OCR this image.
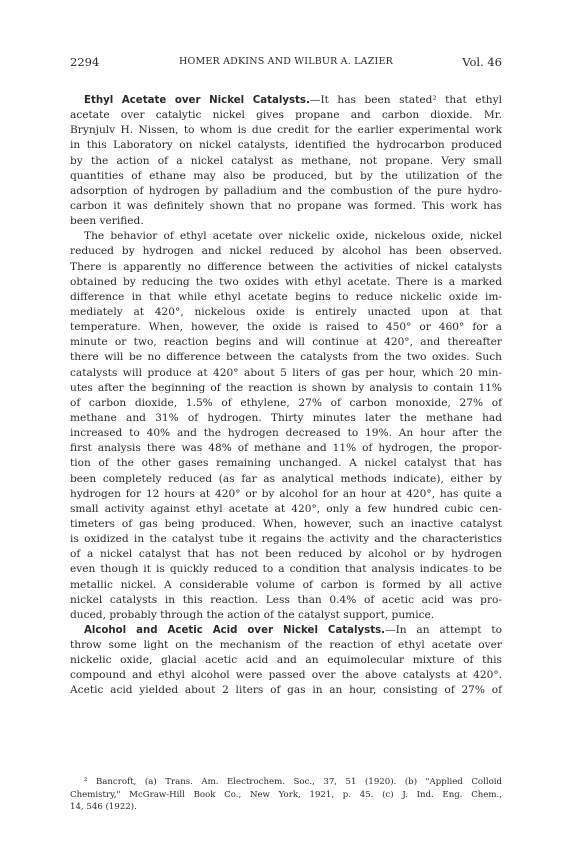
2294	HOMER ADKINS AND WILBUR A. LAZIER	Vol. 46
Ethyl Acetate over Nickel Catalysts.—It has been stated² that ethyl
acetate over catalytic nickel gives propane and carbon dioxide. Mr.
Brynjulv H. Nissen, to whom is due credit for the earlier experimental work
in this Laboratory on nickel catalysts, identified the hydrocarbon produced
by the action of a nickel catalyst as methane, not propane. Very small
quantities of ethane may also be produced, but by the utilization of the
adsorption of hydrogen by palladium and the combustion of the pure hydro-
carbon it was definitely shown that no propane was formed. This work has
been verified.
The behavior of ethyl acetate over nickelic oxide, nickelous oxide, nickel
reduced by hydrogen and nickel reduced by alcohol has been observed.
There is apparently no difference between the activities of nickel catalysts
obtained by reducing the two oxides with ethyl acetate. There is a marked
difference in that while ethyl acetate begins to reduce nickelic oxide im-
mediately at 420°, nickelous oxide is entirely unacted upon at that
temperature. When, however, the oxide is raised to 450° or 460° for a
minute or two, reaction begins and will continue at 420°, and thereafter
there will be no difference between the catalysts from the two oxides. Such
catalysts will produce at 420° about 5 liters of gas per hour, which 20 min-
utes after the beginning of the reaction is shown by analysis to contain 11%
of carbon dioxide, 1.5% of ethylene, 27% of carbon monoxide, 27% of
methane and 31% of hydrogen. Thirty minutes later the methane had
increased to 40% and the hydrogen decreased to 19%. An hour after the
first analysis there was 48% of methane and 11% of hydrogen, the propor-
tion of the other gases remaining unchanged. A nickel catalyst that has
been completely reduced (as far as analytical methods indicate), either by
hydrogen for 12 hours at 420° or by alcohol for an hour at 420°, has quite a
small activity against ethyl acetate at 420°, only a few hundred cubic cen-
timeters of gas being produced. When, however, such an inactive catalyst
is oxidized in the catalyst tube it regains the activity and the characteristics
of a nickel catalyst that has not been reduced by alcohol or by hydrogen
even though it is quickly reduced to a condition that analysis indicates to be
metallic nickel. A considerable volume of carbon is formed by all active
nickel catalysts in this reaction. Less than 0.4% of acetic acid was pro-
duced, probably through the action of the catalyst support, pumice.
Alcohol and Acetic Acid over Nickel Catalysts.—In an attempt to
throw some light on the mechanism of the reaction of ethyl acetate over
nickelic oxide, glacial acetic acid and an equimolecular mixture of this
compound and ethyl alcohol were passed over the above catalysts at 420°.
Acetic acid yielded about 2 liters of gas in an hour, consisting of 27% of
² Bancroft, (a) Trans. Am. Electrochem. Soc., 37, 51 (1920). (b) "Applied Colloid
Chemistry," McGraw-Hill Book Co., New York, 1921, p. 45. (c) J. Ind. Eng. Chem.,
14, 546 (1922).
